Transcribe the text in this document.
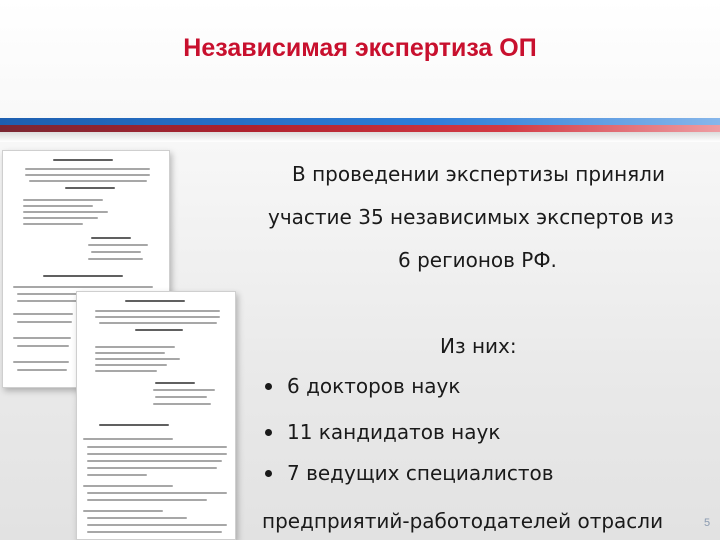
Независимая экспертиза ОП
В проведении экспертизы приняли
участие 35 независимых экспертов из
6 регионов РФ.
Из них:
6 докторов наук
11 кандидатов наук
7 ведущих специалистов
предприятий-работодателей отрасли	5
